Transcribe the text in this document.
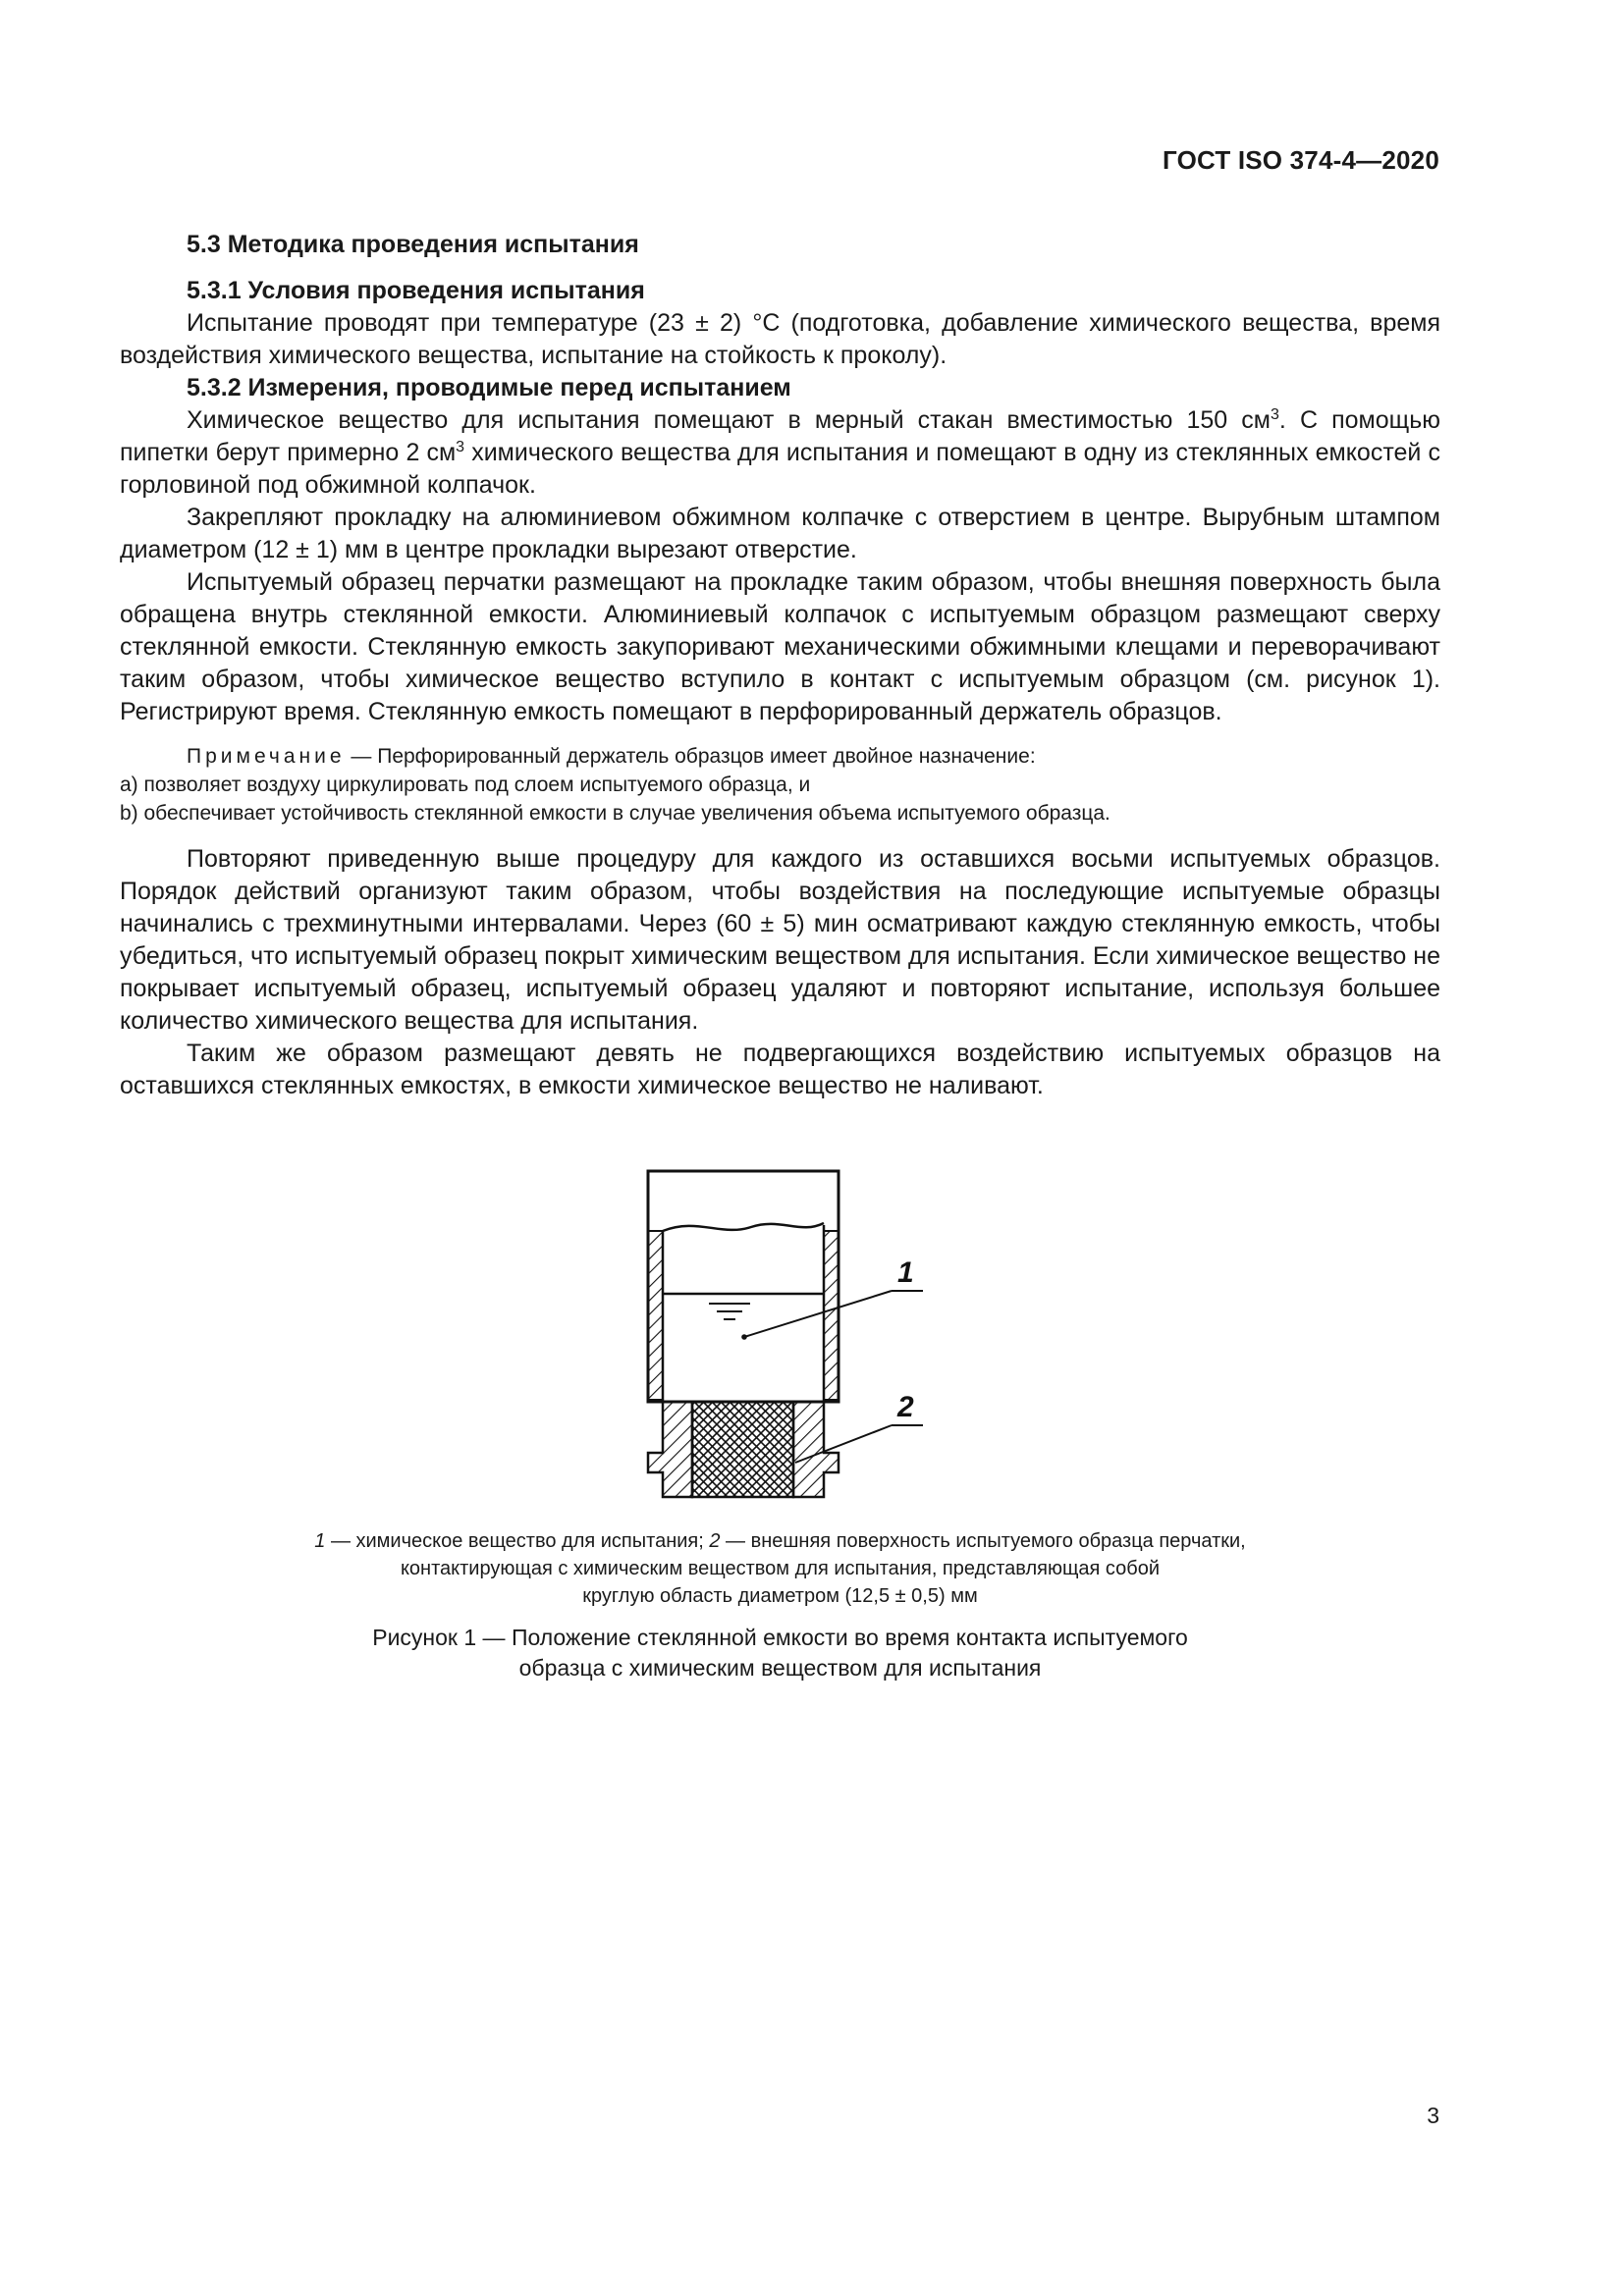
ГОСТ ISO 374-4—2020

5.3 Методика проведения испытания

5.3.1 Условия проведения испытания

Испытание проводят при температуре (23 ± 2) °С (подготовка, добавление химического вещества, время воздействия химического вещества, испытание на стойкость к проколу).

5.3.2 Измерения, проводимые перед испытанием

Химическое вещество для испытания помещают в мерный стакан вместимостью 150 $см^3$. С помощью пипетки берут примерно 2 $см^3$ химического вещества для испытания и помещают в одну из стеклянных емкостей с горловиной под обжимной колпачок.

Закрепляют прокладку на алюминиевом обжимном колпачке с отверстием в центре. Вырубным штампом диаметром (12 ± 1) мм в центре прокладки вырезают отверстие.

Испытуемый образец перчатки размещают на прокладке таким образом, чтобы внешняя поверхность была обращена внутрь стеклянной емкости. Алюминиевый колпачок с испытуемым образцом размещают сверху стеклянной емкости. Стеклянную емкость закупоривают механическими обжимными клещами и переворачивают таким образом, чтобы химическое вещество вступило в контакт с испытуемым образцом (см. рисунок 1). Регистрируют время. Стеклянную емкость помещают в перфорированный держатель образцов.

Примечание — Перфорированный держатель образцов имеет двойное назначение:

a) позволяет воздуху циркулировать под слоем испытуемого образца, и

b) обеспечивает устойчивость стеклянной емкости в случае увеличения объема испытуемого образца.

Повторяют приведенную выше процедуру для каждого из оставшихся восьми испытуемых образцов. Порядок действий организуют таким образом, чтобы воздействия на последующие испытуемые образцы начинались с трехминутными интервалами. Через (60 ± 5) мин осматривают каждую стеклянную емкость, чтобы убедиться, что испытуемый образец покрыт химическим веществом для испытания. Если химическое вещество не покрывает испытуемый образец, испытуемый образец удаляют и повторяют испытание, используя большее количество химического вещества для испытания.

Таким же образом размещают девять не подвергающихся воздействию испытуемых образцов на оставшихся стеклянных емкостях, в емкости химическое вещество не наливают.

1
2
1 — химическое вещество для испытания; 2 — внешняя поверхность испытуемого образца перчатки,
контактирующая с химическим веществом для испытания, представляющая собой
круглую область диаметром (12,5 ± 0,5) мм
Рисунок 1 — Положение стеклянной емкости во время контакта испытуемого
образца с химическим веществом для испытания
3
